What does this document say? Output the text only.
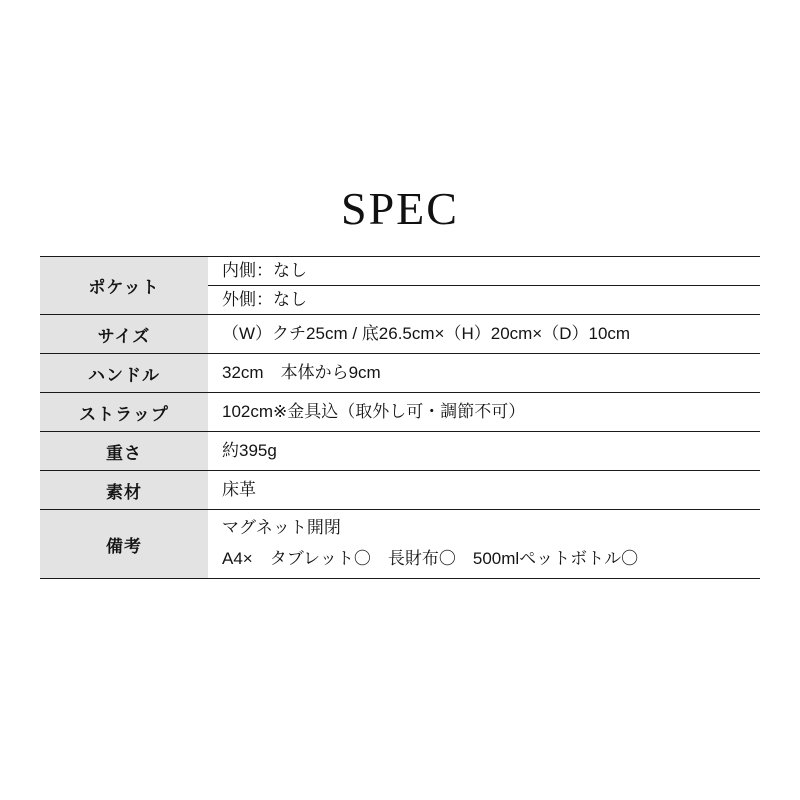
SPEC
ポケット	内側：なし
	外側：なし
サイズ	（W）クチ25cm / 底26.5cm×（H）20cm×（D）10cm
ハンドル	32cm　本体から9cm
ストラップ	102cm※金具込（取外し可・調節不可）
重さ	約395g
素材	床革
備考	マグネット開閉
A4×　タブレット〇　長財布〇　500mlペットボトル〇
